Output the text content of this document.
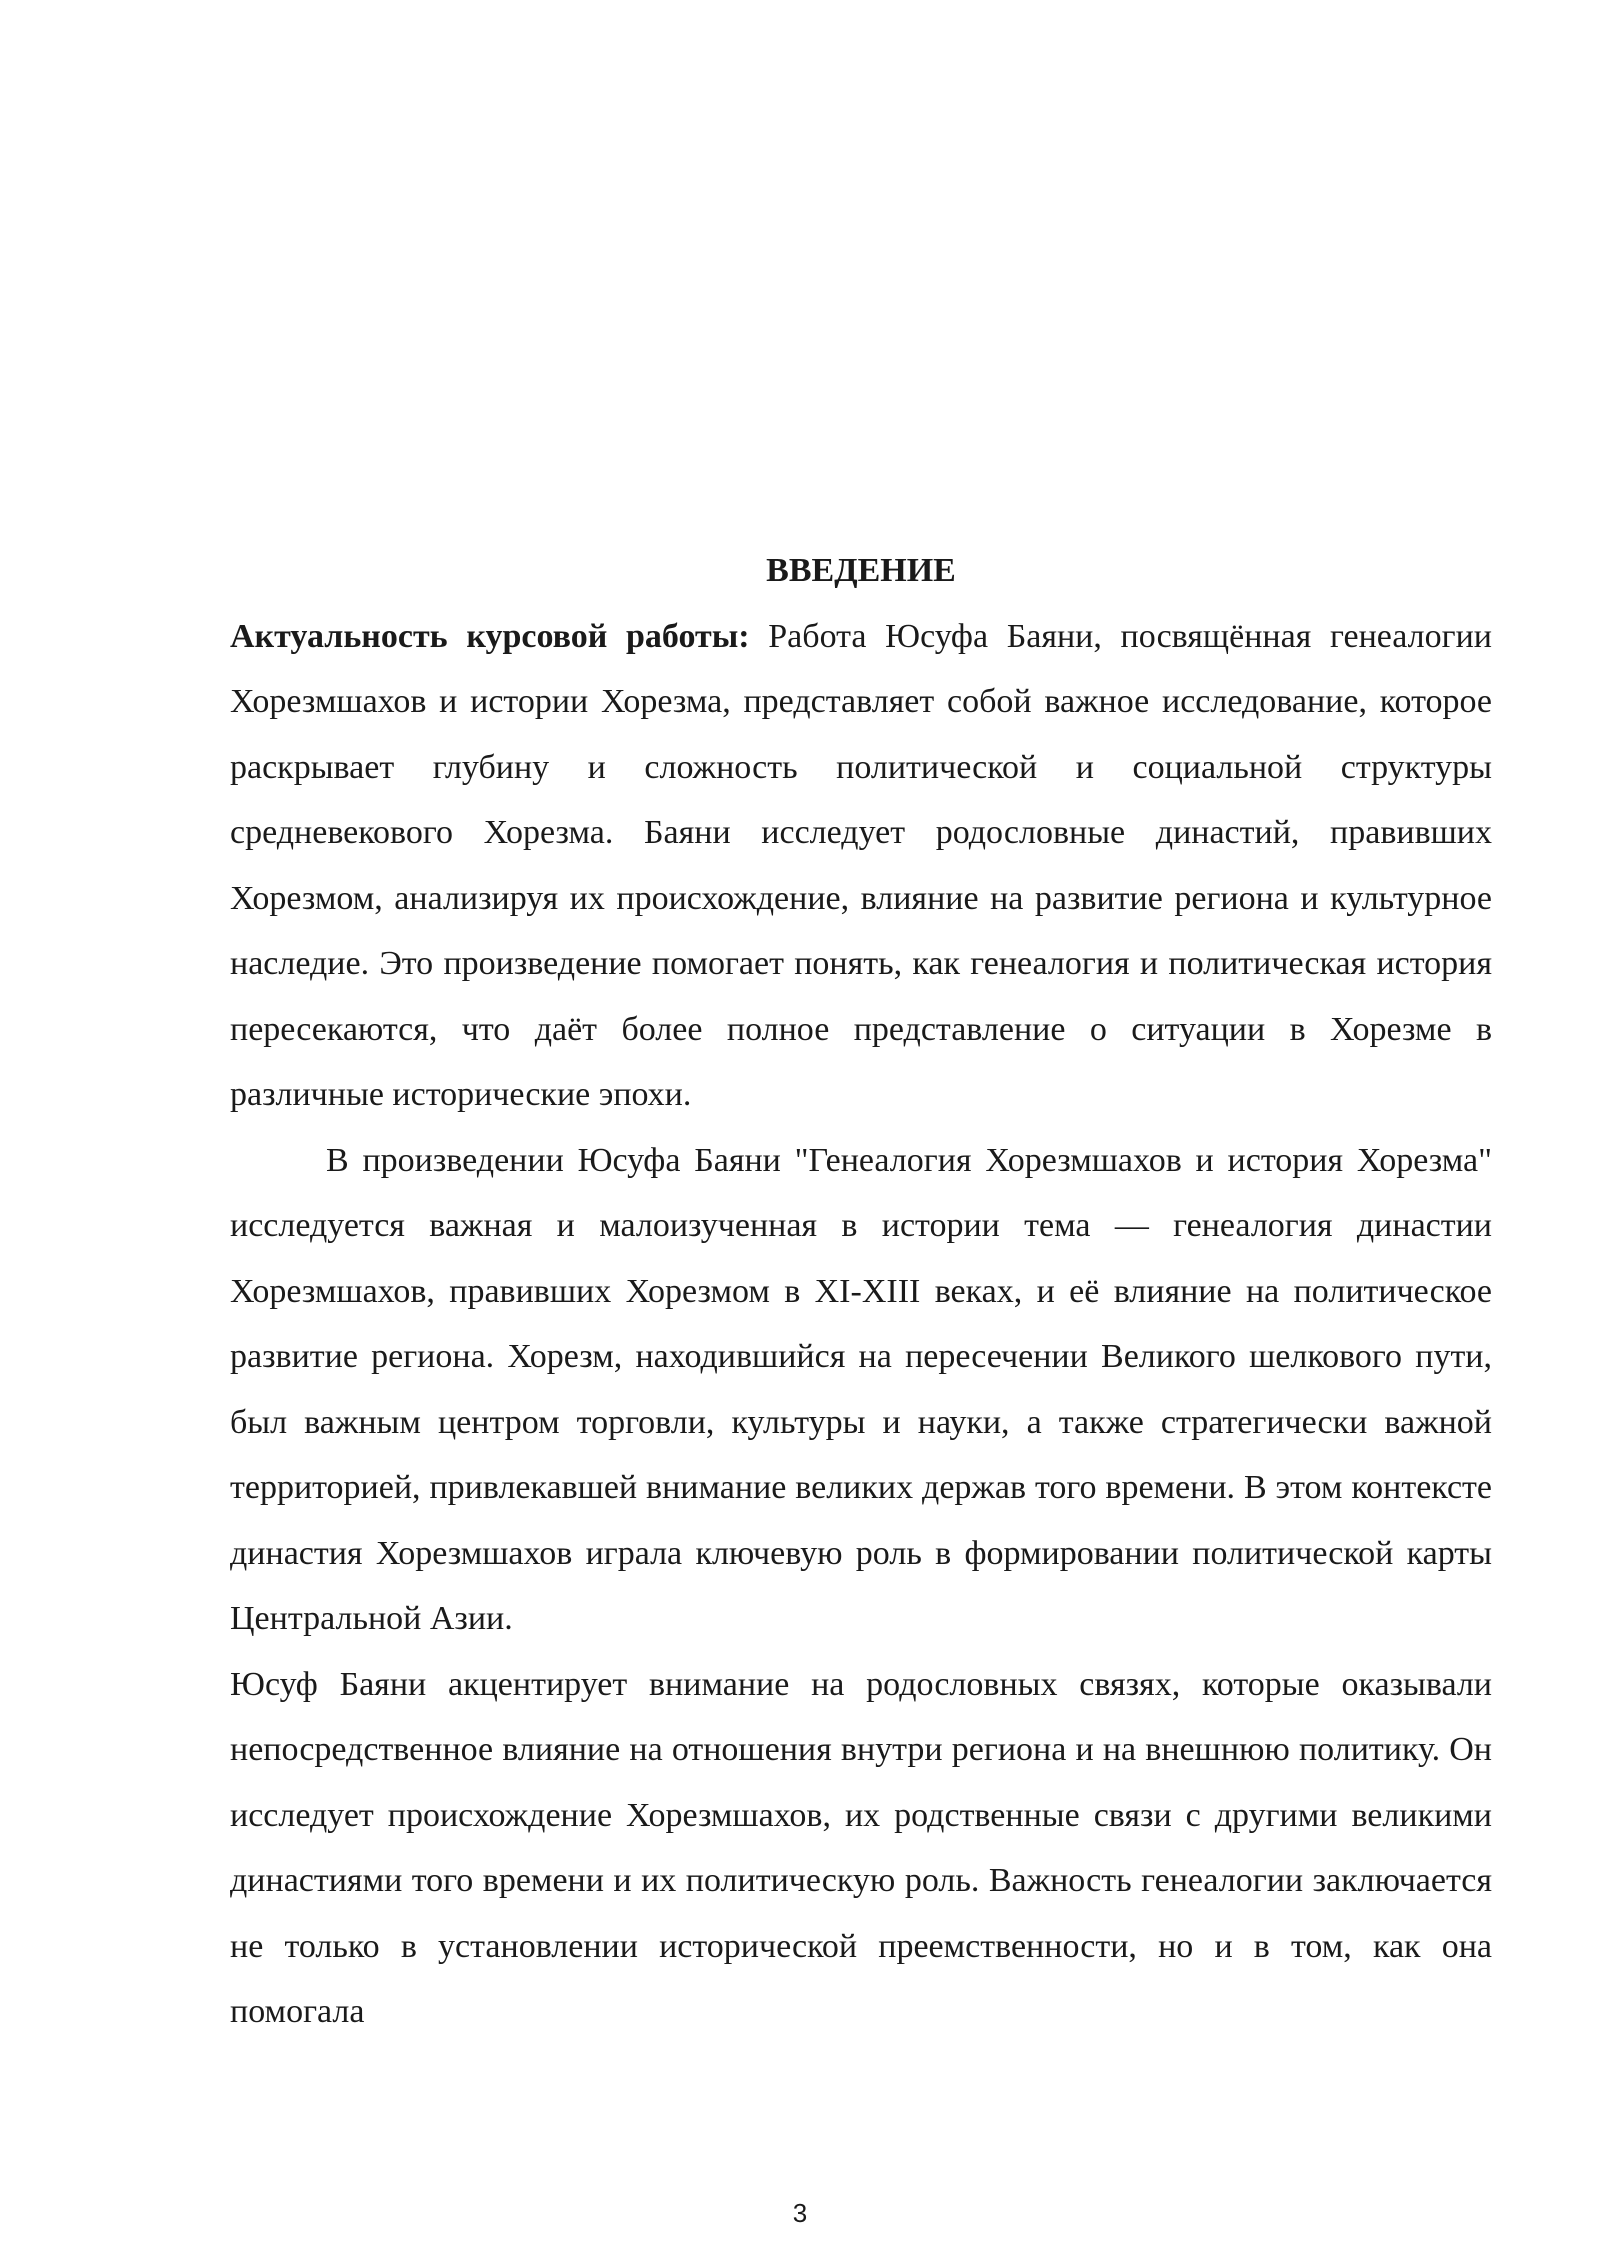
ВВЕДЕНИЕ

Актуальность курсовой работы: Работа Юсуфа Баяни, посвящённая генеалогии Хорезмшахов и истории Хорезма, представляет собой важное исследование, которое раскрывает глубину и сложность политической и социальной структуры средневекового Хорезма. Баяни исследует родословные династий, правивших Хорезмом, анализируя их происхождение, влияние на развитие региона и культурное наследие. Это произведение помогает понять, как генеалогия и политическая история пересекаются, что даёт более полное представление о ситуации в Хорезме в различные исторические эпохи.

В произведении Юсуфа Баяни "Генеалогия Хорезмшахов и история Хорезма" исследуется важная и малоизученная в истории тема — генеалогия династии Хорезмшахов, правивших Хорезмом в XI-XIII веках, и её влияние на политическое развитие региона. Хорезм, находившийся на пересечении Великого шелкового пути, был важным центром торговли, культуры и науки, а также стратегически важной территорией, привлекавшей внимание великих держав того времени. В этом контексте династия Хорезмшахов играла ключевую роль в формировании политической карты Центральной Азии.

Юсуф Баяни акцентирует внимание на родословных связях, которые оказывали непосредственное влияние на отношения внутри региона и на внешнюю политику. Он исследует происхождение Хорезмшахов, их родственные связи с другими великими династиями того времени и их политическую роль. Важность генеалогии заключается не только в установлении исторической преемственности, но и в том, как она помогала

3
